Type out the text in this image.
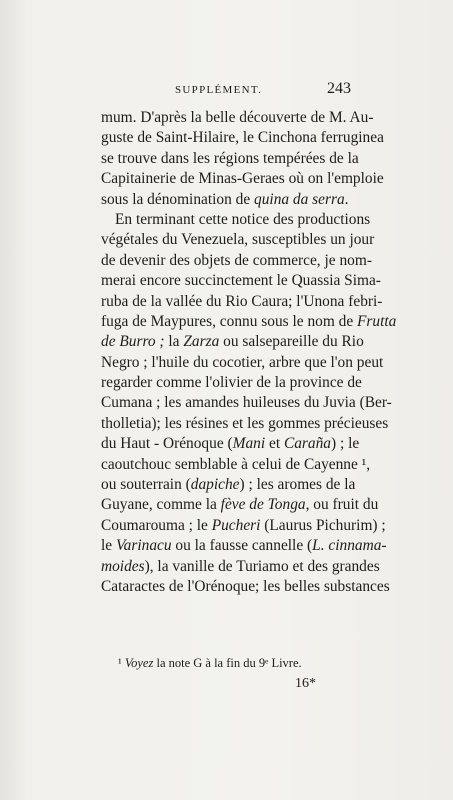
SUPPLÉMENT.	243
mum. D'après la belle découverte de M. Au-
guste de Saint-Hilaire, le Cinchona ferruginea
se trouve dans les régions tempérées de la
Capitainerie de Minas-Geraes où on l'emploie
sous la dénomination de quina da serra.
En terminant cette notice des productions
végétales du Venezuela, susceptibles un jour
de devenir des objets de commerce, je nom-
merai encore succinctement le Quassia Sima-
ruba de la vallée du Rio Caura; l'Unona febri-
fuga de Maypures, connu sous le nom de Frutta
de Burro ; la Zarza ou salsepareille du Rio
Negro ; l'huile du cocotier, arbre que l'on peut
regarder comme l'olivier de la province de
Cumana ; les amandes huileuses du Juvia (Ber-
tholletia); les résines et les gommes précieuses
du Haut - Orénoque (Mani et Caraña) ; le
caoutchouc semblable à celui de Cayenne ¹,
ou souterrain (dapiche) ; les aromes de la
Guyane, comme la fève de Tonga, ou fruit du
Coumarouma ; le Pucheri (Laurus Pichurim) ;
le Varinacu ou la fausse cannelle (L. cinnama-
moides), la vanille de Turiamo et des grandes
Cataractes de l'Orénoque; les belles substances
¹ Voyez la note G à la fin du 9ᵉ Livre.
16*
